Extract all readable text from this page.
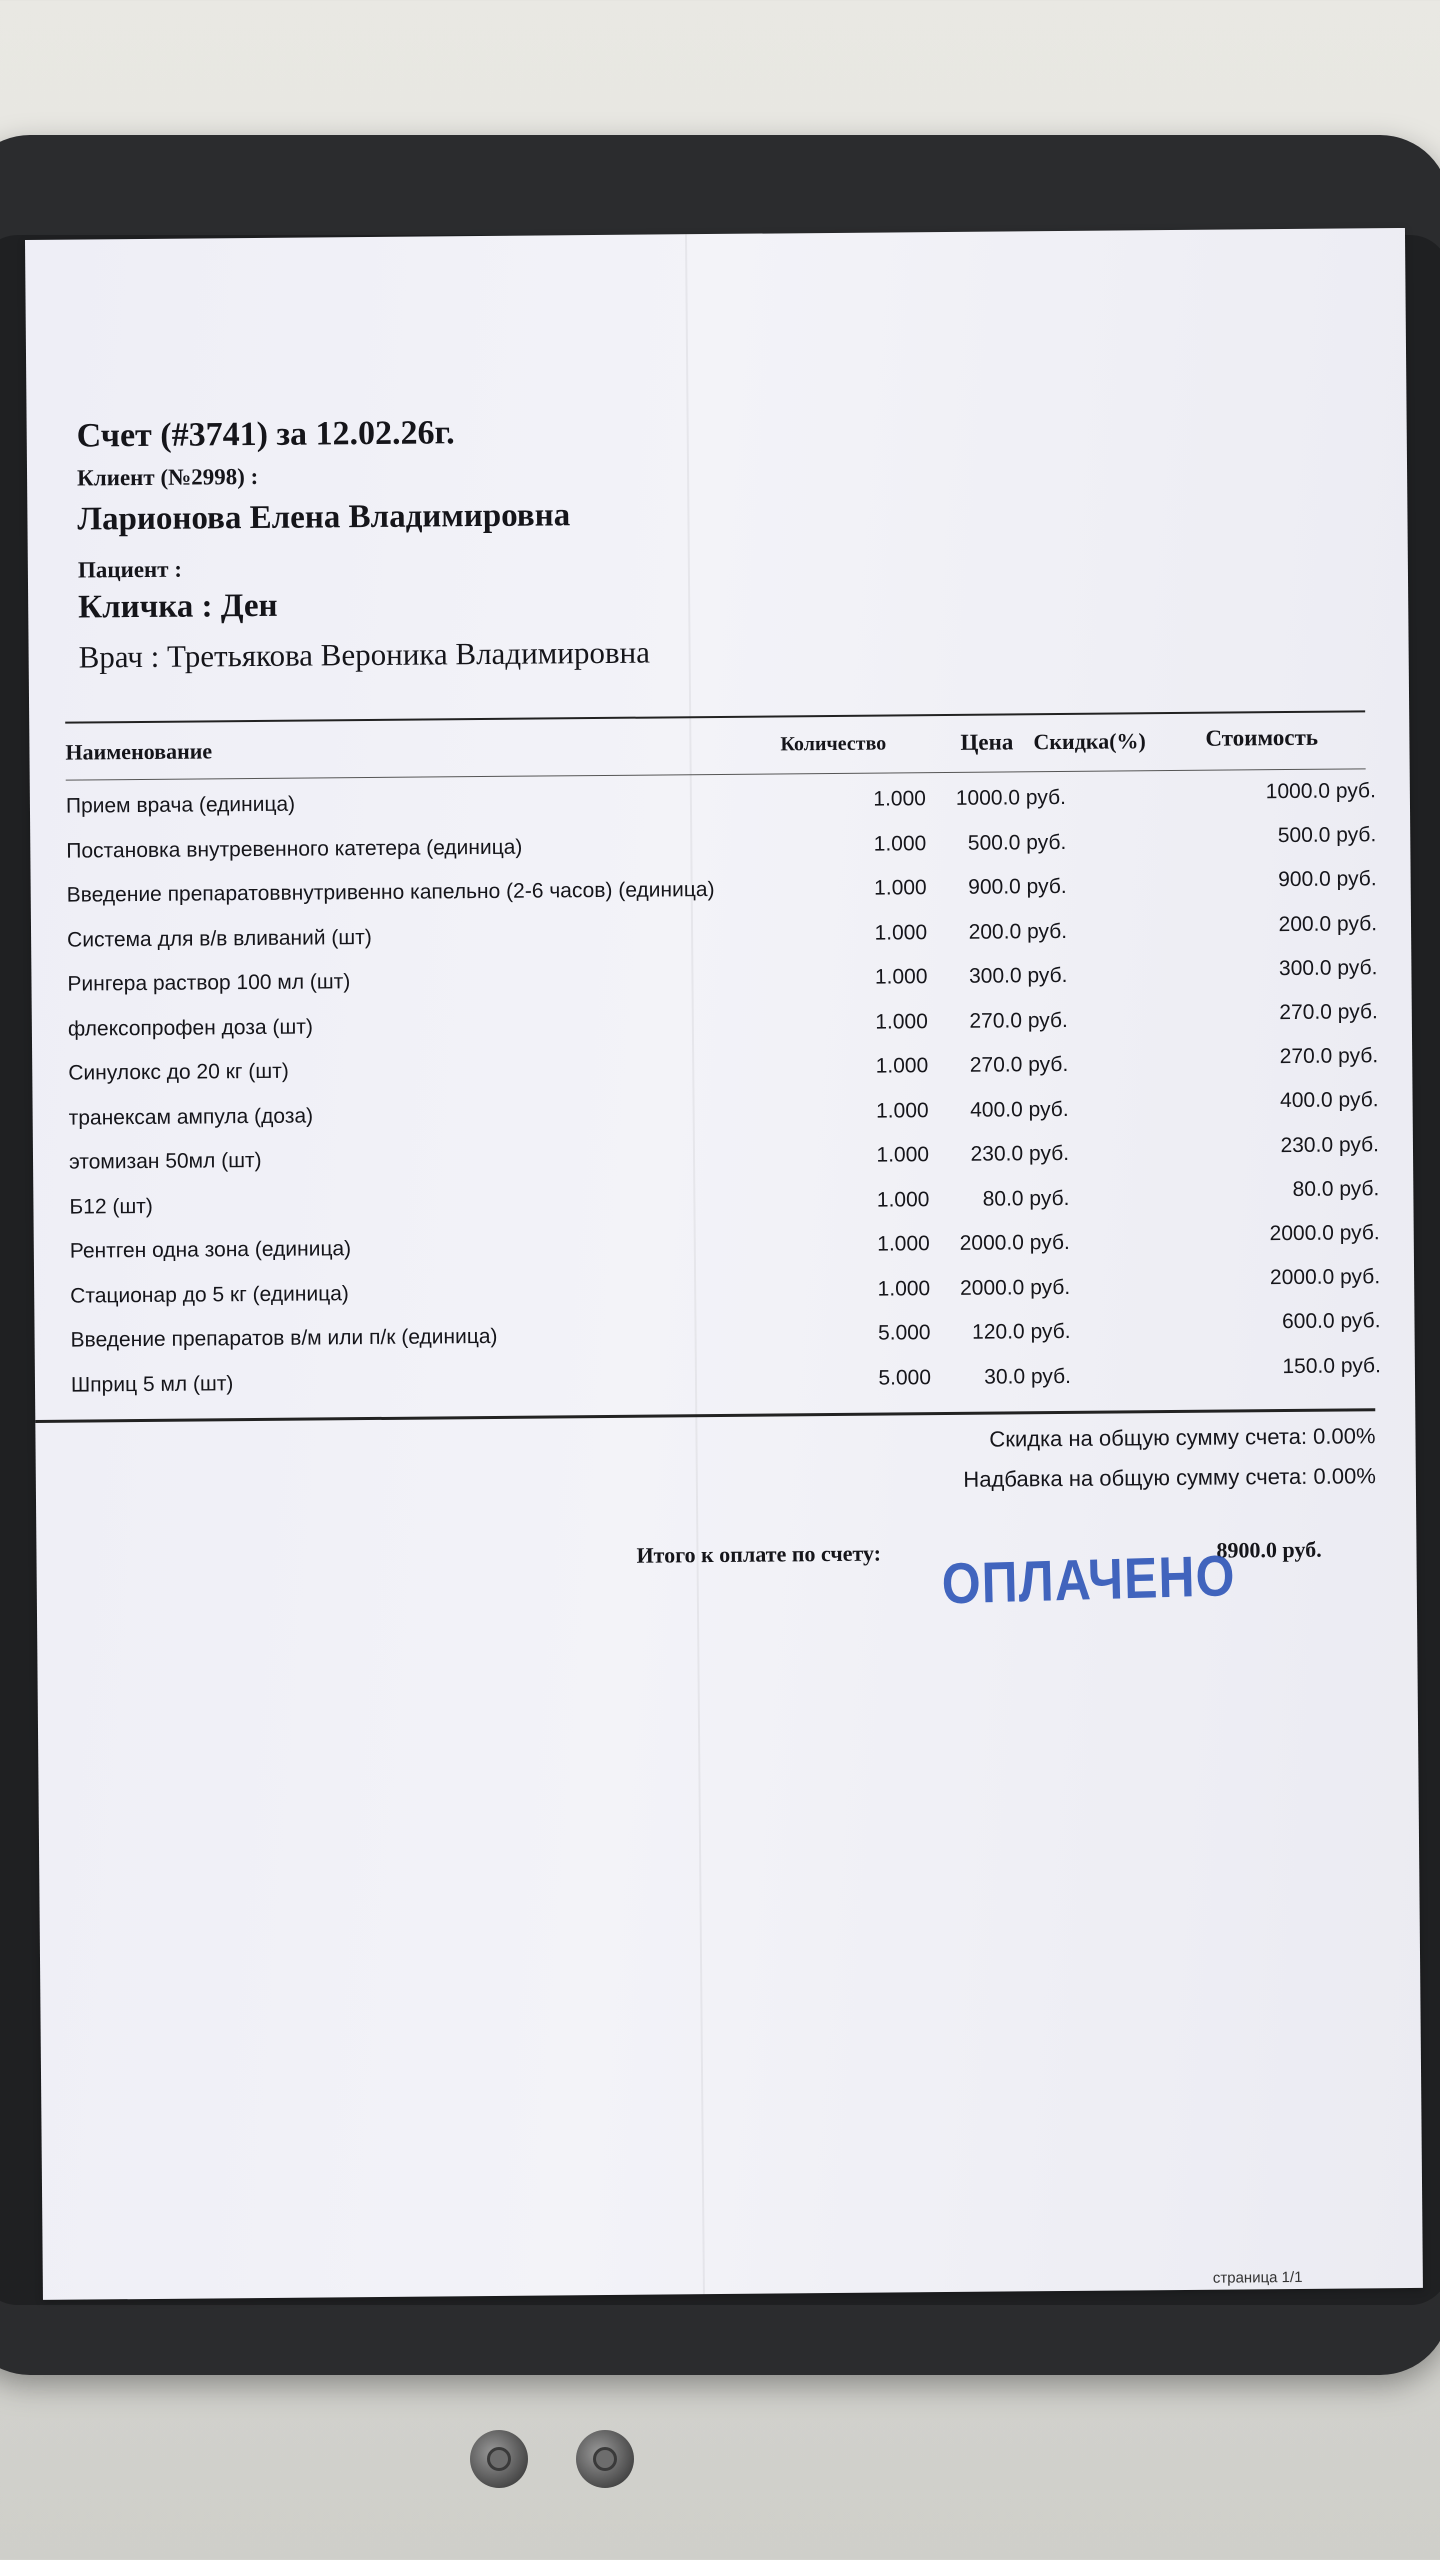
Счет (#3741) за 12.02.26г.
Клиент (№2998) :
Ларионова Елена Владимировна
Пациент :
Кличка : Ден
Врач : Третьякова Вероника Владимировна
Наименование	Количество	Цена Скидка(%)	Стоимость
Прием врача (единица)	1.000	1000.0 руб.	1000.0 руб.
Постановка внутревенного катетера (единица)	1.000	500.0 руб.	500.0 руб.
Введение препаратоввнутривенно капельно (2-6 часов) (единица)	1.000	900.0 руб.	900.0 руб.
Система для в/в вливаний (шт)	1.000	200.0 руб.	200.0 руб.
Рингера раствор 100 мл (шт)	1.000	300.0 руб.	300.0 руб.
флексопрофен доза (шт)	1.000	270.0 руб.	270.0 руб.
Синулокс до 20 кг (шт)	1.000	270.0 руб.	270.0 руб.
транексам ампула (доза)	1.000	400.0 руб.	400.0 руб.
этомизан 50мл (шт)	1.000	230.0 руб.	230.0 руб.
Б12 (шт)	1.000	80.0 руб.	80.0 руб.
Рентген одна зона (единица)	1.000	2000.0 руб.	2000.0 руб.
Стационар до 5 кг (единица)	1.000	2000.0 руб.	2000.0 руб.
Введение препаратов в/м или п/к (единица)	5.000	120.0 руб.	600.0 руб.
Шприц 5 мл (шт)	5.000	30.0 руб.	150.0 руб.
Скидка на общую сумму счета: 0.00%
Надбавка на общую сумму счета: 0.00%
Итого к оплате по счету:	8900.0 руб.
ОПЛАЧЕНО
страница 1/1
